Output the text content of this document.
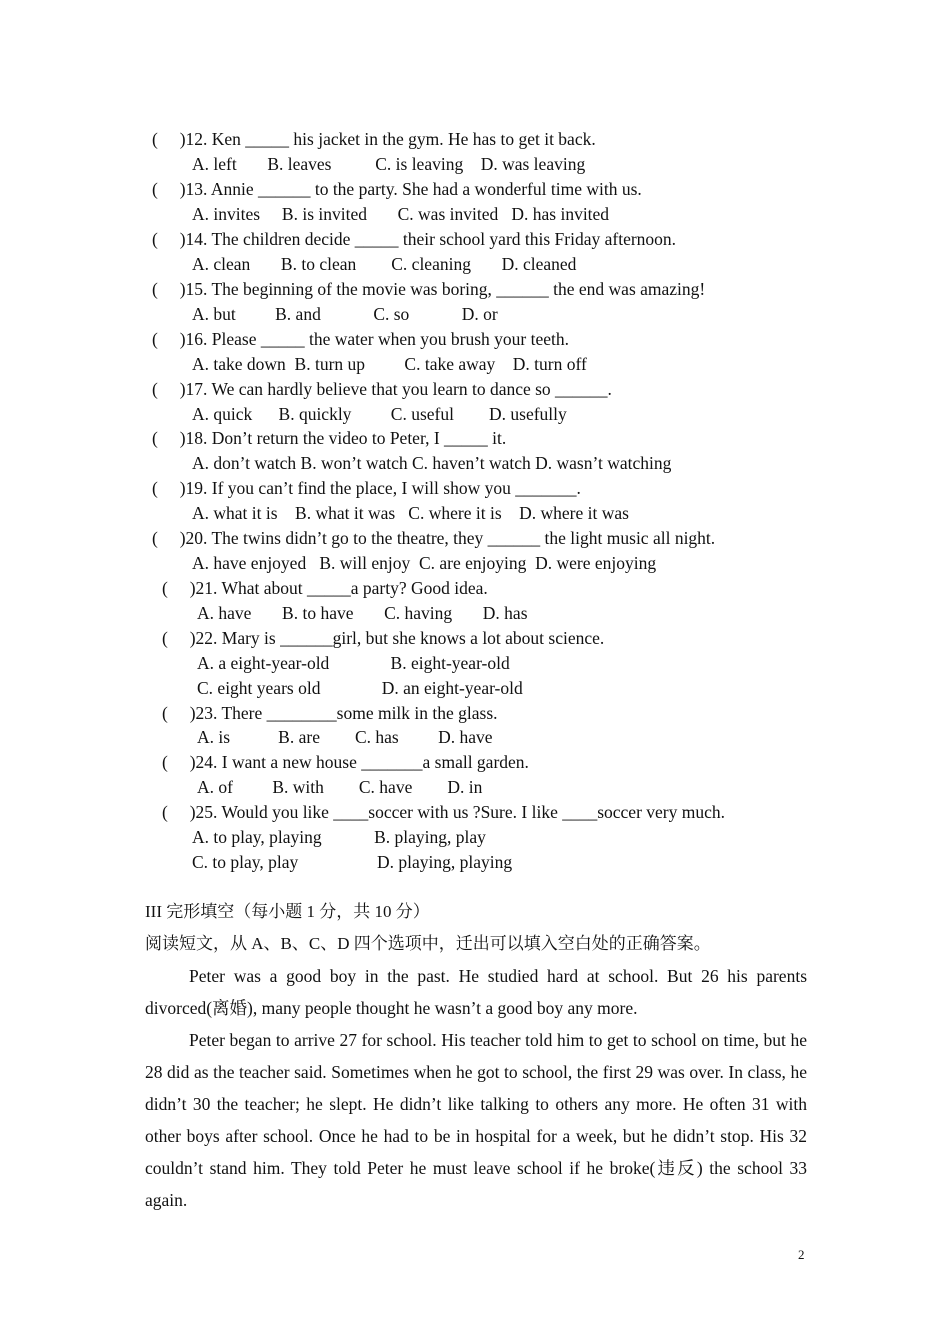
(     )12. Ken _____ his jacket in the gym. He has to get it back.
A. left       B. leaves          C. is leaving    D. was leaving
(     )13. Annie ______ to the party. She had a wonderful time with us.
A. invites     B. is invited       C. was invited   D. has invited
(     )14. The children decide _____ their school yard this Friday afternoon.
A. clean       B. to clean        C. cleaning       D. cleaned
(     )15. The beginning of the movie was boring, ______ the end was amazing!
A. but         B. and            C. so            D. or
(     )16. Please _____ the water when you brush your teeth.
A. take down  B. turn up         C. take away    D. turn off
(     )17. We can hardly believe that you learn to dance so ______.
A. quick      B. quickly         C. useful        D. usefully
(     )18. Don’t return the video to Peter, I _____ it.
A. don’t watch B. won’t watch C. haven’t watch D. wasn’t watching
(     )19. If you can’t find the place, I will show you _______.
A. what it is    B. what it was   C. where it is    D. where it was
(     )20. The twins didn’t go to the theatre, they ______ the light music all night.
A. have enjoyed   B. will enjoy  C. are enjoying  D. were enjoying
(     )21. What about _____a party? Good idea.
A. have       B. to have       C. having       D. has
(     )22. Mary is ______girl, but she knows a lot about science.
A. a eight-year-old              B. eight-year-old
C. eight years old              D. an eight-year-old
(     )23. There ________some milk in the glass.
A. is           B. are        C. has         D. have
(     )24. I want a new house _______a small garden.
A. of         B. with        C. have        D. in
(     )25. Would you like ____soccer with us ?Sure. I like ____soccer very much.
A. to play, playing            B. playing, play
C. to play, play                  D. playing, playing
III 完形填空（每小题 1 分，共 10 分）
阅读短文，从 A、B、C、D 四个选项中，迁出可以填入空白处的正确答案。

Peter was a good boy in the past. He studied hard at school. But 26 his parents divorced(离婚), many people thought he wasn’t a good boy any more.

Peter began to arrive 27 for school. His teacher told him to get to school on time, but he 28 did as the teacher said. Sometimes when he got to school, the first 29 was over. In class, he didn’t 30 the teacher; he slept. He didn’t like talking to others any more. He often 31 with other boys after school. Once he had to be in hospital for a week, but he didn’t stop. His 32 couldn’t stand him. They told Peter he must leave school if he broke(违反) the school 33 again.

2
